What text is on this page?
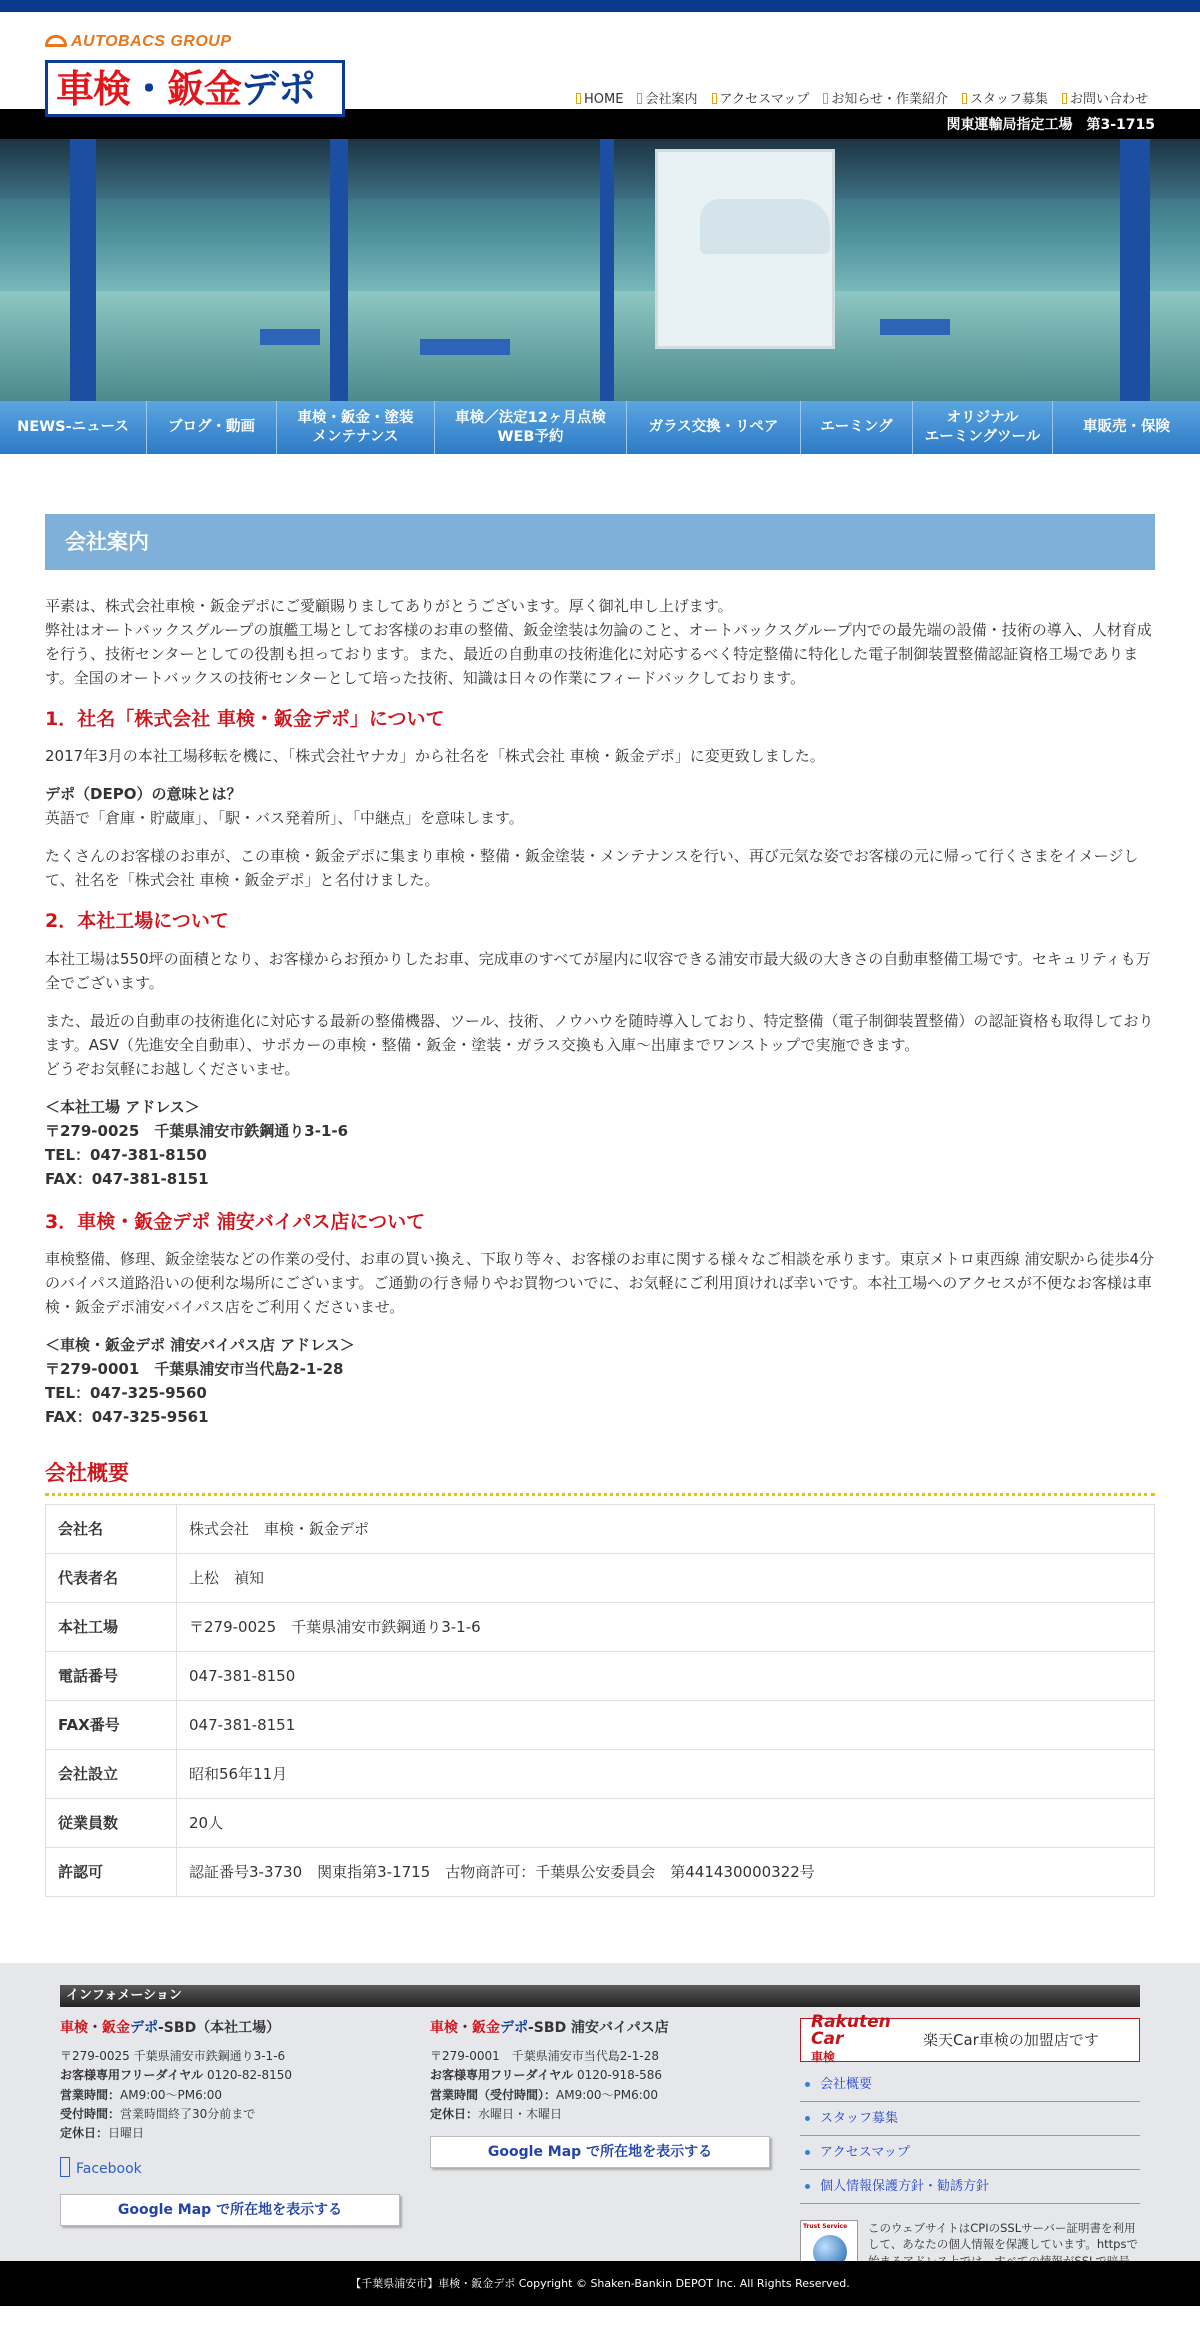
AUTOBACS GROUP
車検 ・ 鈑金 デポ	HOME	会社案内	アクセスマップ	お知らせ・作業紹介	スタッフ募集	お問い合わせ
関東運輸局指定工場　第3-1715
NEWS-ニュース	ブログ・動画
車検・鈑金・塗装
メンテナンス
車検／法定12ヶ月点検
WEB予約
ガラス交換・リペア	エーミング
オリジナル
エーミングツール
車販売・保険
会社案内

平素は、株式会社車検・鈑金デポにご愛顧賜りましてありがとうございます。厚く御礼申し上げます。
弊社はオートバックスグループの旗艦工場としてお客様のお車の整備、鈑金塗装は勿論のこと、オートバックスグループ内での最先端の設備・技術の導入、人材育成を行う、技術センターとしての役割も担っております。また、最近の自動車の技術進化に対応するべく特定整備に特化した電子制御装置整備認証資格工場であります。全国のオートバックスの技術センターとして培った技術、知識は日々の作業にフィードバックしております。

1．社名「株式会社 車検・鈑金デポ」について

2017年3月の本社工場移転を機に、「株式会社ヤナカ」から社名を「株式会社 車検・鈑金デポ」に変更致しました。

デポ（DEPO）の意味とは？
英語で「倉庫・貯蔵庫」、「駅・バス発着所」、「中継点」を意味します。

たくさんのお客様のお車が、この車検・鈑金デポに集まり車検・整備・鈑金塗装・メンテナンスを行い、再び元気な姿でお客様の元に帰って行くさまをイメージして、社名を「株式会社 車検・鈑金デポ」と名付けました。

2．本社工場について

本社工場は550坪の面積となり、お客様からお預かりしたお車、完成車のすべてが屋内に収容できる浦安市最大級の大きさの自動車整備工場です。セキュリティも万全でございます。

また、最近の自動車の技術進化に対応する最新の整備機器、ツール、技術、ノウハウを随時導入しており、特定整備（電子制御装置整備）の認証資格も取得しております。ASV（先進安全自動車）、サポカーの車検・整備・鈑金・塗装・ガラス交換も入庫〜出庫までワンストップで実施できます。
どうぞお気軽にお越しくださいませ。

＜本社工場 アドレス＞
〒279-0025　千葉県浦安市鉄鋼通り3-1-6
TEL：047-381-8150
FAX：047-381-8151
3．車検・鈑金デポ 浦安バイパス店について

車検整備、修理、鈑金塗装などの作業の受付、お車の買い換え、下取り等々、お客様のお車に関する様々なご相談を承ります。東京メトロ東西線 浦安駅から徒歩4分のバイパス道路沿いの便利な場所にございます。ご通勤の行き帰りやお買物ついでに、お気軽にご利用頂ければ幸いです。本社工場へのアクセスが不便なお客様は車検・鈑金デポ浦安バイパス店をご利用くださいませ。

＜車検・鈑金デポ 浦安バイパス店 アドレス＞
〒279-0001　千葉県浦安市当代島2-1-28
TEL：047-325-9560
FAX：047-325-9561
会社概要
会社名	株式会社　車検・鈑金デポ
代表者名	上松　禎知
本社工場	〒279-0025　千葉県浦安市鉄鋼通り3-1-6
電話番号	047-381-8150
FAX番号	047-381-8151
会社設立	昭和56年11月
従業員数	20人
許認可	認証番号3-3730　関東指第3-1715　古物商許可：千葉県公安委員会　第441430000322号
インフォメーション
車検・鈑金デポ-SBD（本社工場）
〒279-0025 千葉県浦安市鉄鋼通り3-1-6
お客様専用フリーダイヤル 0120-82-8150
営業時間：AM9:00〜PM6:00
受付時間：営業時間終了30分前まで
定休日：日曜日
Facebook
Google Map で所在地を表示する
車検・鈑金デポ-SBD 浦安バイパス店
〒279-0001　千葉県浦安市当代島2-1-28
お客様専用フリーダイヤル 0120-918-586
営業時間（受付時間）：AM9:00〜PM6:00
定休日：水曜日・木曜日
Google Map で所在地を表示する
Rakuten Car
車検
楽天Car車検の加盟店です
会社概要
スタッフ募集
アクセスマップ
個人情報保護方針・勧誘方針
Trust Service	このウェブサイトはCPIのSSLサーバー証明書を利用して、あなたの個人情報を保護しています。httpsで
【千葉県浦安市】車検・鈑金デポ Copyright © Shaken-Bankin DEPOT Inc. All Rights Reserved.
